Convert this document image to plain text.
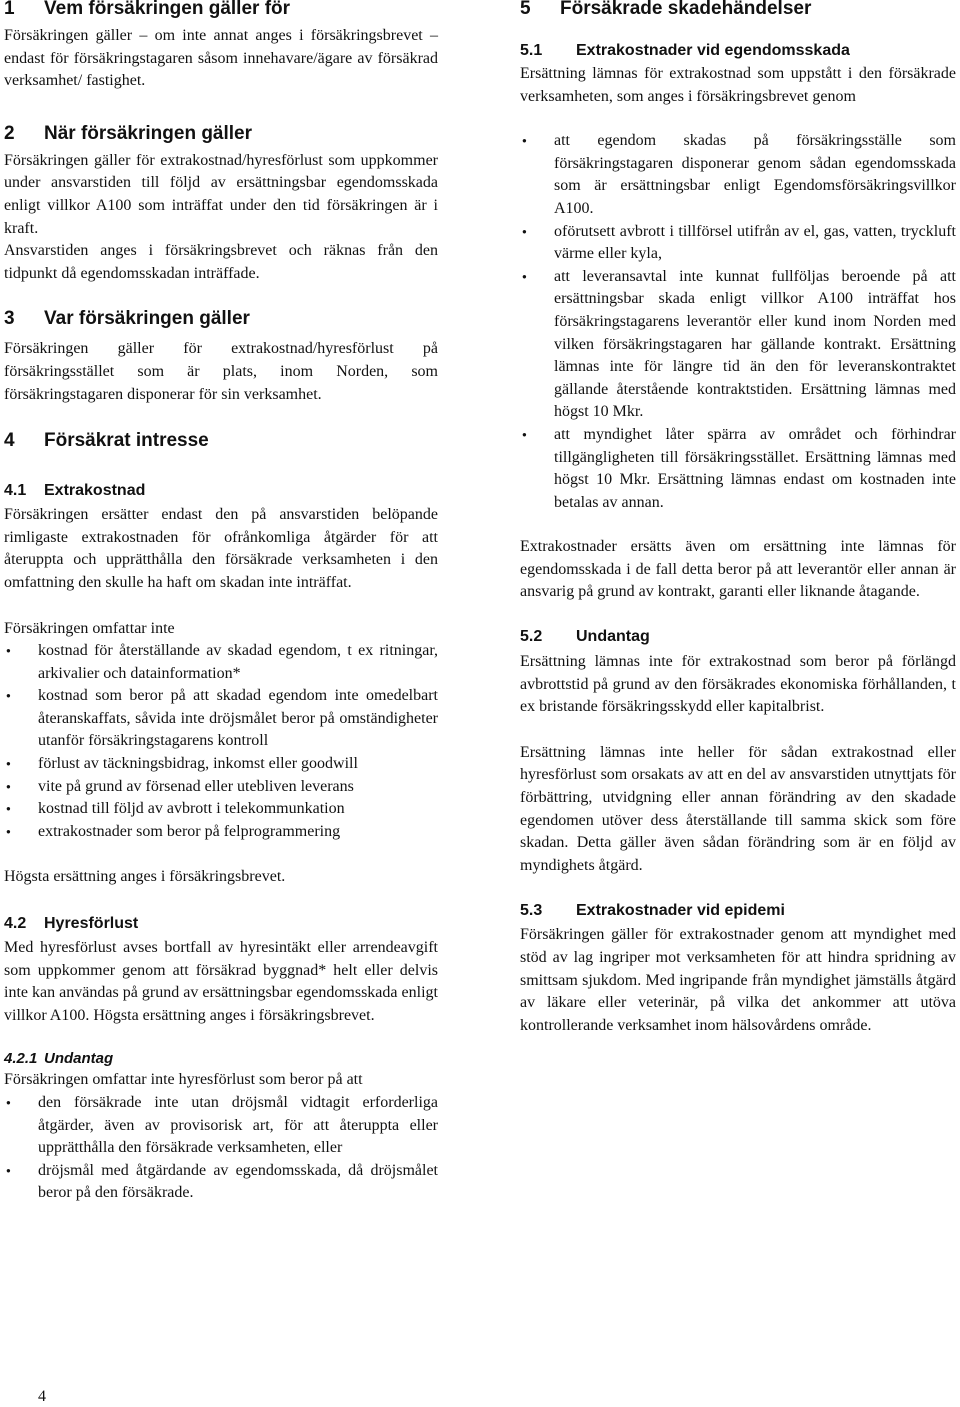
1 Vem försäkringen gäller för

Försäkringen gäller – om inte annat anges i försäkringsbrevet – endast för försäkringstagaren såsom innehavare/ägare av försäkrad verksamhet/ fastighet.

2 När försäkringen gäller

Försäkringen gäller för extrakostnad/hyresförlust som uppkommer under ansvarstiden till följd av ersättningsbar egendomsskada enligt villkor A100 som inträffat under den tid försäkringen är i kraft.

Ansvarstiden anges i försäkringsbrevet och räknas från den tidpunkt då egendomsskadan inträffade.

3 Var försäkringen gäller

Försäkringen gäller för extrakostnad/hyresförlust på försäkringsstället som är plats, inom Norden, som försäkringstagaren disponerar för sin verksamhet.

4 Försäkrat intresse
4.1 Extrakostnad

Försäkringen ersätter endast den på ansvarstiden belöpande rimligaste extrakostnaden för ofrånkomliga åtgärder för att återuppta och upprätthålla den försäkrade verksamheten i den omfattning den skulle ha haft om skadan inte inträffat.

Försäkringen omfattar inte

● kostnad för återställande av skadad egendom, t ex ritningar, arkivalier och datainformation*
● kostnad som beror på att skadad egendom inte omedelbart återanskaffats, såvida inte dröjsmålet beror på omständigheter utanför försäkringstagarens kontroll
● förlust av täckningsbidrag, inkomst eller goodwill
● vite på grund av försenad eller utebliven leverans
● kostnad till följd av avbrott i telekommunkation
● extrakostnader som beror på felprogrammering

Högsta ersättning anges i försäkringsbrevet.

4.2 Hyresförlust

Med hyresförlust avses bortfall av hyresintäkt eller arrendeavgift som uppkommer genom att försäkrad byggnad* helt eller delvis inte kan användas på grund av ersättningsbar egendomsskada enligt villkor A100. Högsta ersättning anges i försäkringsbrevet.

4.2.1 Undantag

Försäkringen omfattar inte hyresförlust som beror på att

● den försäkrade inte utan dröjsmål vidtagit erforderliga åtgärder, även av provisorisk art, för att återuppta eller upprätthålla den försäkrade verksamheten, eller
● dröjsmål med åtgärdande av egendomsskada, då dröjsmålet beror på den försäkrade.
5 Försäkrade skadehändelser
5.1 Extrakostnader vid egendomsskada

Ersättning lämnas för extrakostnad som uppstått i den försäkrade verksamheten, som anges i försäkringsbrevet genom

● att egendom skadas på försäkringsställe som försäkringstagaren disponerar genom sådan egendomsskada som är ersättningsbar enligt Egendomsförsäkringsvillkor A100.
● oförutsett avbrott i tillförsel utifrån av el, gas, vatten, tryckluft värme eller kyla,
● att leveransavtal inte kunnat fullföljas beroende på att ersättningsbar skada enligt villkor A100 inträffat hos försäkringstagarens leverantör eller kund inom Norden med vilken försäkringstagaren har gällande kontrakt. Ersättning lämnas inte för längre tid än den för leveranskontraktet gällande återstående kontraktstiden. Ersättning lämnas med högst 10 Mkr.
● att myndighet låter spärra av området och förhindrar tillgängligheten till försäkringsstället. Ersättning lämnas med högst 10 Mkr. Ersättning lämnas endast om kostnaden inte betalas av annan.

Extrakostnader ersätts även om ersättning inte lämnas för egendomsskada i de fall detta beror på att leverantör eller annan är ansvarig på grund av kontrakt, garanti eller liknande åtagande.

5.2 Undantag

Ersättning lämnas inte för extrakostnad som beror på förlängd avbrottstid på grund av den försäkrades ekonomiska förhållanden, t ex bristande försäkringsskydd eller kapitalbrist.

Ersättning lämnas inte heller för sådan extrakostnad eller hyresförlust som orsakats av att en del av ansvarstiden utnyttjats för förbättring, utvidgning eller annan förändring av den skadade egendomen utöver dess återställande till samma skick som före skadan. Detta gäller även sådan förändring som är en följd av myndighets åtgärd.

5.3 Extrakostnader vid epidemi

Försäkringen gäller för extrakostnader genom att myndighet med stöd av lag ingriper mot verksamheten för att hindra spridning av smittsam sjukdom. Med ingripande från myndighet jämställs åtgärd av läkare eller veterinär, på vilka det ankommer att utöva kontrollerande verksamhet inom hälsovårdens område.

4
